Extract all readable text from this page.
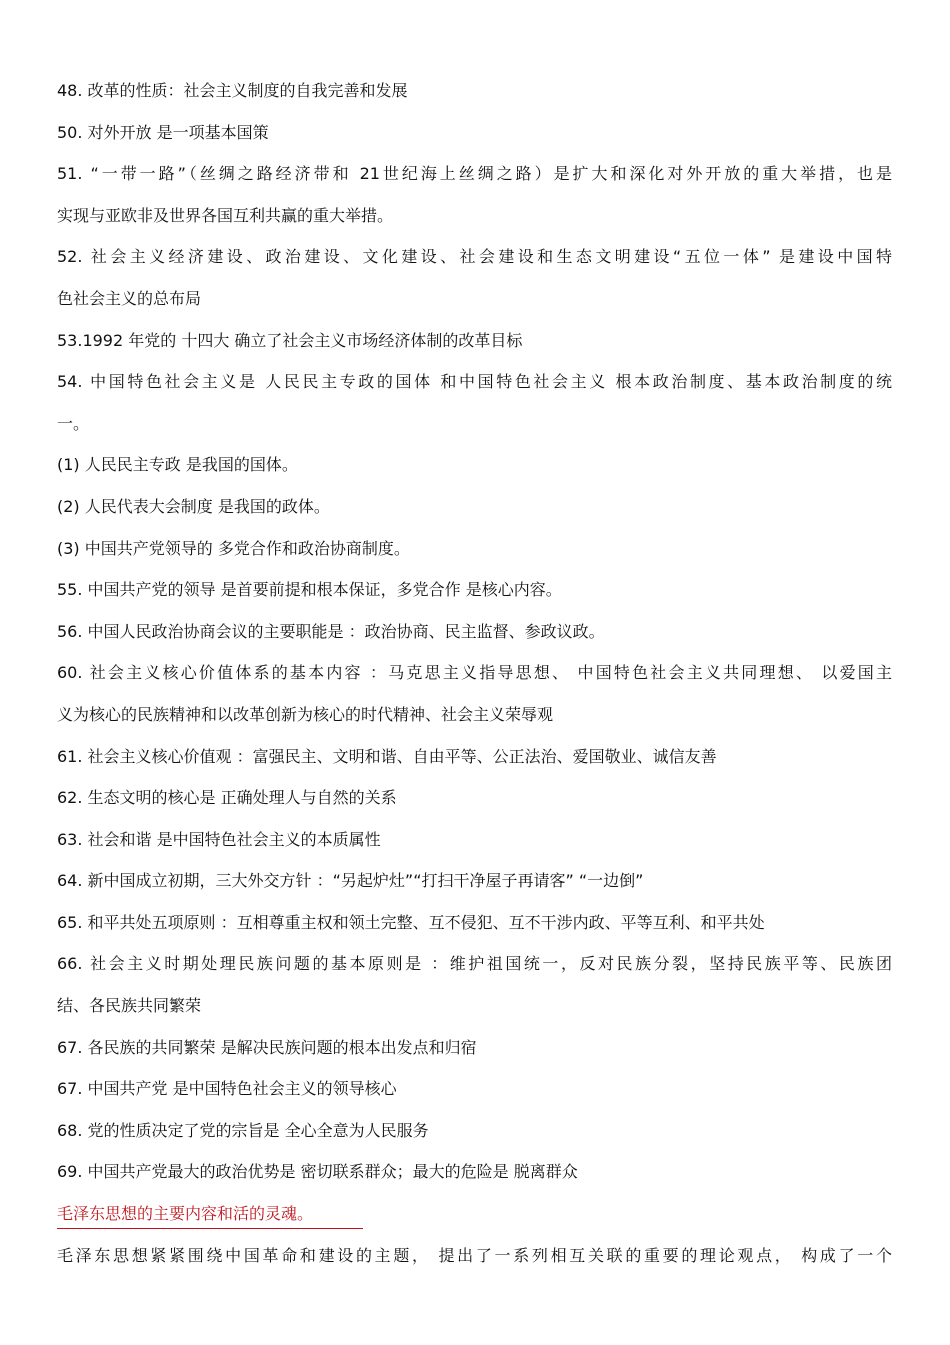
48. 改革的性质：社会主义制度的自我完善和发展
50. 对外开放 是一项基本国策
51. “一带一路”（丝绸之路经济带和 21世纪海上丝绸之路）是扩大和深化对外开放的重大举措，也是
实现与亚欧非及世界各国互利共赢的重大举措。
52. 社会主义经济建设、政治建设、文化建设、社会建设和生态文明建设“五位一体” 是建设中国特
色社会主义的总布局
53.1992 年党的 十四大 确立了社会主义市场经济体制的改革目标
54. 中国特色社会主义是 人民民主专政的国体 和中国特色社会主义 根本政治制度、基本政治制度的统
一。
(1) 人民民主专政 是我国的国体。
(2) 人民代表大会制度 是我国的政体。
(3) 中国共产党领导的 多党合作和政治协商制度。
55. 中国共产党的领导 是首要前提和根本保证，多党合作 是核心内容。
56. 中国人民政治协商会议的主要职能是 ：政治协商、民主监督、参政议政。
60. 社会主义核心价值体系的基本内容 ：马克思主义指导思想、 中国特色社会主义共同理想、 以爱国主
义为核心的民族精神和以改革创新为核心的时代精神、社会主义荣辱观
61. 社会主义核心价值观 ：富强民主、文明和谐、自由平等、公正法治、爱国敬业、诚信友善
62. 生态文明的核心是 正确处理人与自然的关系
63. 社会和谐 是中国特色社会主义的本质属性
64. 新中国成立初期，三大外交方针 ：“另起炉灶”“打扫干净屋子再请客” “一边倒”
65. 和平共处五项原则 ：互相尊重主权和领土完整、互不侵犯、互不干涉内政、平等互利、和平共处
66. 社会主义时期处理民族问题的基本原则是 ：维护祖国统一，反对民族分裂，坚持民族平等、民族团
结、各民族共同繁荣
67. 各民族的共同繁荣 是解决民族问题的根本出发点和归宿
67. 中国共产党 是中国特色社会主义的领导核心
68. 党的性质决定了党的宗旨是 全心全意为人民服务
69. 中国共产党最大的政治优势是 密切联系群众；最大的危险是 脱离群众
毛泽东思想的主要内容和活的灵魂。
毛泽东思想紧紧围绕中国革命和建设的主题， 提出了一系列相互关联的重要的理论观点， 构成了一个
